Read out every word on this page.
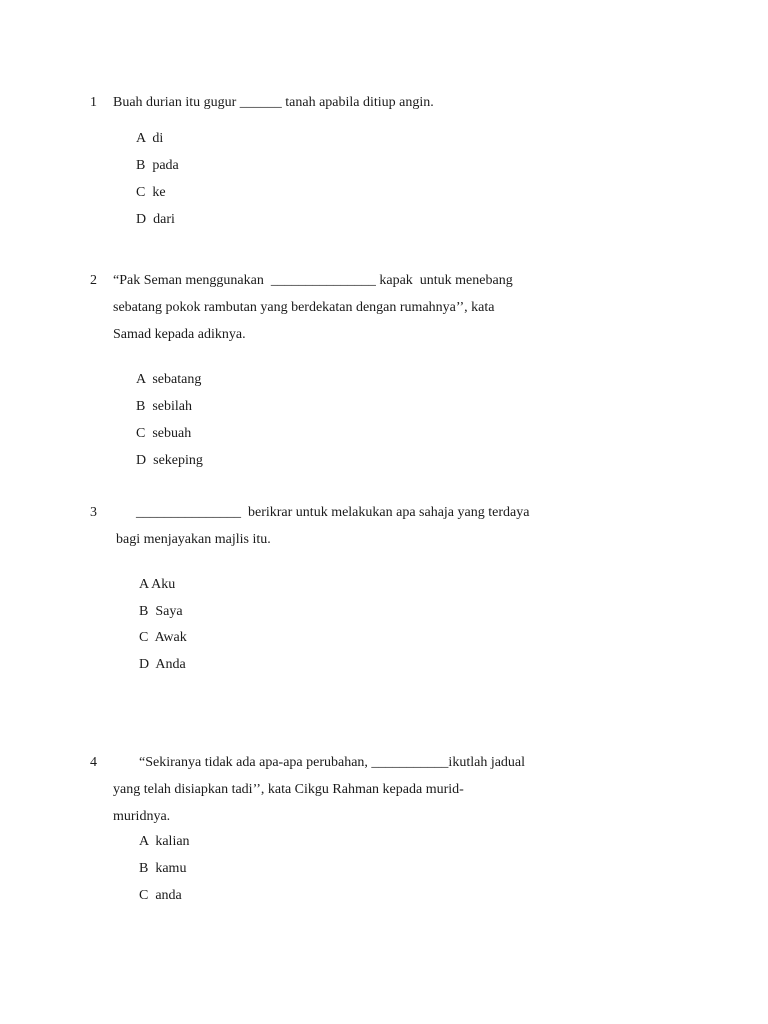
1 Buah durian itu gugur ______ tanah apabila ditiup angin.
A di
B pada
C ke
D dari
2 “Pak Seman menggunakan  _______________ kapak  untuk menebang
sebatang pokok rambutan yang berdekatan dengan rumahnya’’, kata
Samad kepada adiknya.
A sebatang
B sebilah
C sebuah
D sekeping
3	_______________  berikrar untuk melakukan apa sahaja yang terdaya
bagi menjayakan majlis itu.
A Aku
B Saya
C Awak
D Anda
4	“Sekiranya tidak ada apa-apa perubahan, ___________ikutlah jadual
yang telah disiapkan tadi’’, kata Cikgu Rahman kepada murid-
muridnya.
A kalian
B kamu
C anda
